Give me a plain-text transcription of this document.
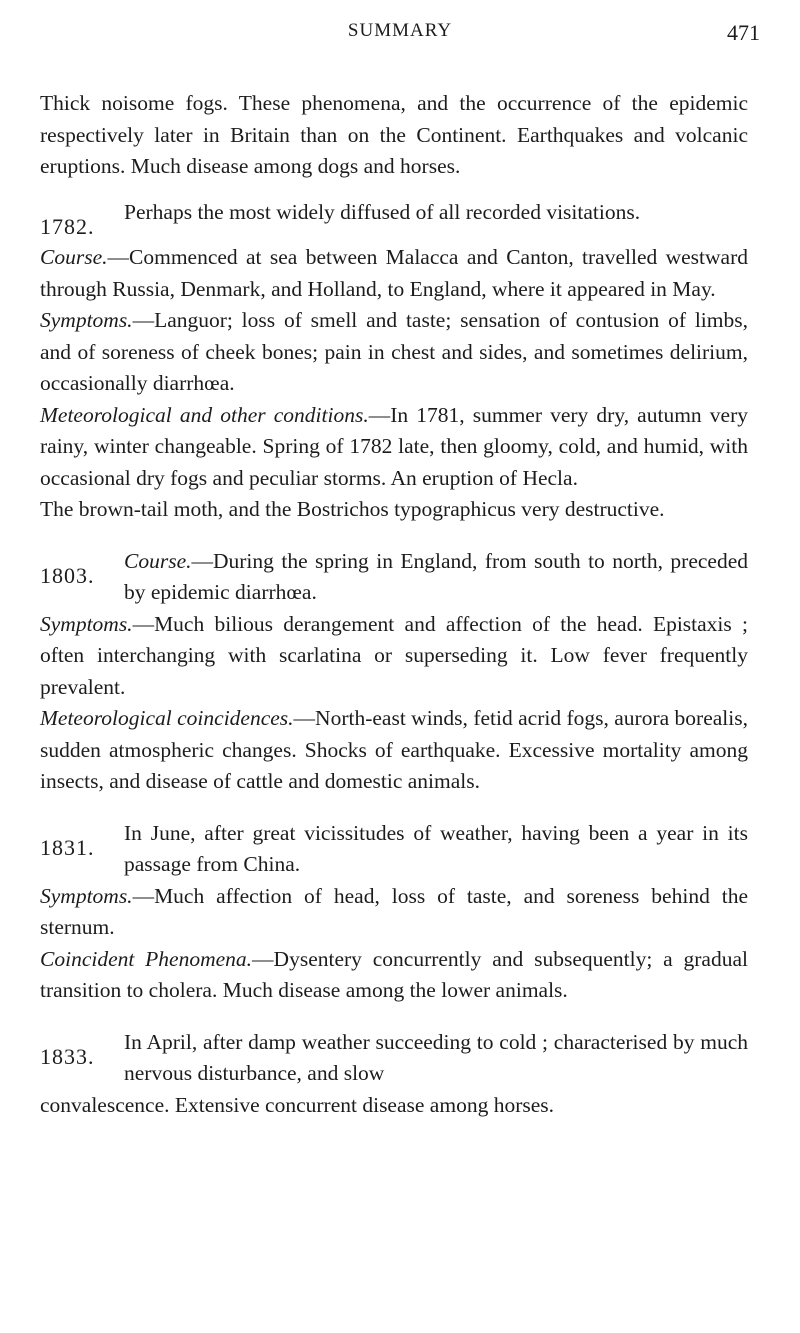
SUMMARY	471

Thick noisome fogs. These phenomena, and the occurrence of the epidemic respectively later in Britain than on the Continent. Earthquakes and volcanic eruptions. Much disease among dogs and horses.

1782.

Perhaps the most widely diffused of all recorded visitations.

Course.—Commenced at sea between Malacca and Canton, travelled westward through Russia, Denmark, and Holland, to England, where it appeared in May.

Symptoms.—Languor; loss of smell and taste; sensation of contusion of limbs, and of soreness of cheek bones; pain in chest and sides, and sometimes delirium, occasionally diarrhœa.

Meteorological and other conditions.—In 1781, summer very dry, autumn very rainy, winter changeable. Spring of 1782 late, then gloomy, cold, and humid, with occasional dry fogs and peculiar storms. An eruption of Hecla.

The brown-tail moth, and the Bostrichos typographicus very destructive.

1803.

Course.—During the spring in England, from south to north, preceded by epidemic diarrhœa.

Symptoms.—Much bilious derangement and affection of the head. Epistaxis ; often interchanging with scarlatina or superseding it. Low fever frequently prevalent.

Meteorological coincidences.—North-east winds, fetid acrid fogs, aurora borealis, sudden atmospheric changes. Shocks of earthquake. Excessive mortality among insects, and disease of cattle and domestic animals.

1831.

In June, after great vicissitudes of weather, having been a year in its passage from China.

Symptoms.—Much affection of head, loss of taste, and soreness behind the sternum.

Coincident Phenomena.—Dysentery concurrently and subsequently; a gradual transition to cholera. Much disease among the lower animals.

1833.

In April, after damp weather succeeding to cold ; characterised by much nervous disturbance, and slow

convalescence. Extensive concurrent disease among horses.
